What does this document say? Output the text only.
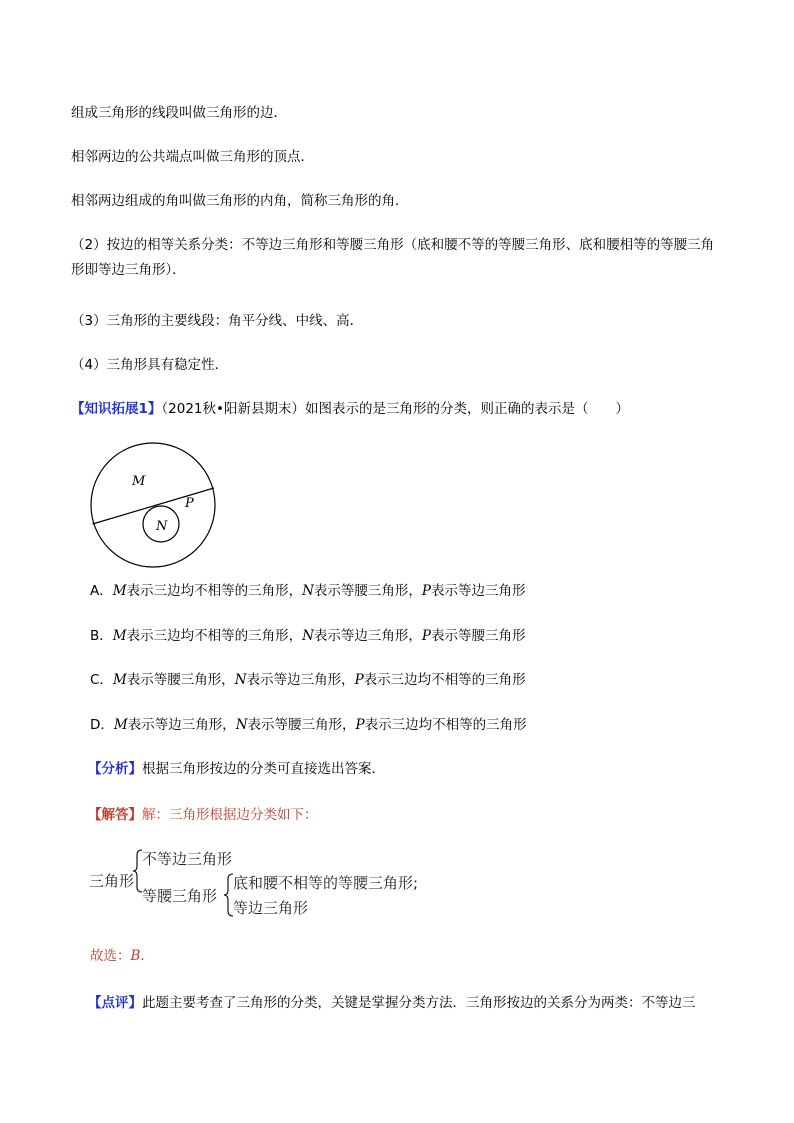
组成三角形的线段叫做三角形的边．
相邻两边的公共端点叫做三角形的顶点．
相邻两边组成的角叫做三角形的内角，简称三角形的角．
（2）按边的相等关系分类：不等边三角形和等腰三角形（底和腰不等的等腰三角形、底和腰相等的等腰三角形即等边三角形）．
（3）三角形的主要线段：角平分线、中线、高．
（4）三角形具有稳定性．
【知识拓展1】（2021秋•阳新县期末）如图表示的是三角形的分类，则正确的表示是（　　）
M
P
N
A．M表示三边均不相等的三角形，N表示等腰三角形，P表示等边三角形
B．M表示三边均不相等的三角形，N表示等边三角形，P表示等腰三角形
C．M表示等腰三角形，N表示等边三角形，P表示三边均不相等的三角形
D．M表示等边三角形，N表示等腰三角形，P表示三边均不相等的三角形
【分析】根据三角形按边的分类可直接选出答案．
【解答】解：三角形根据边分类如下：
三角形
不等边三角形
等腰三角形
底和腰不相等的等腰三角形;
等边三角形
故选：B．
【点评】此题主要考查了三角形的分类，关键是掌握分类方法．三角形按边的关系分为两类：不等边三
